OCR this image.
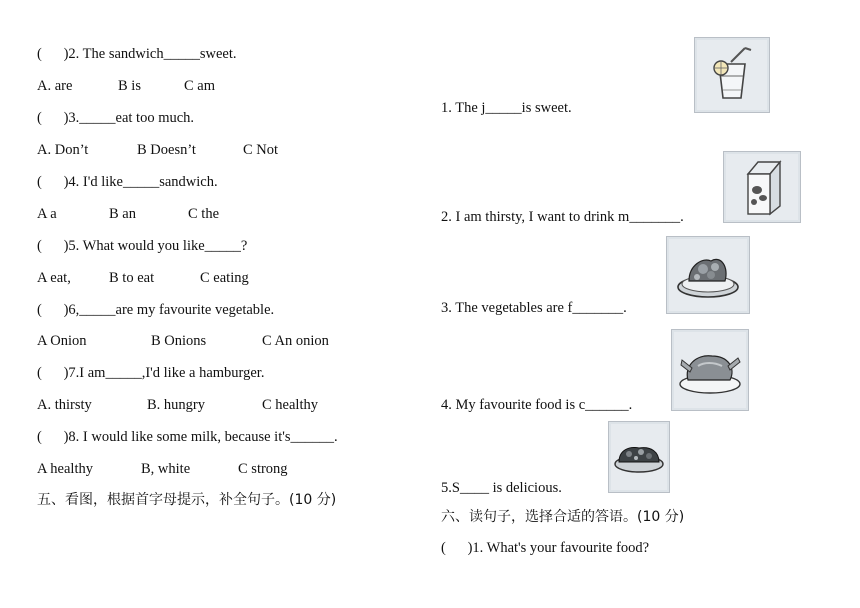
(      )2. The sandwich_____sweet.
A. are	B is	C am
(      )3._____eat too much.
A. Don’t	B Doesn’t	C Not
(      )4. I'd like_____sandwich.
A a	B an	C the
(      )5. What would you like_____?
A eat,	B to eat	C eating
(      )6,_____are my favourite vegetable.
A Onion	B Onions	C An onion
(      )7.I am_____,I'd like a hamburger.
A. thirsty	B. hungry	C healthy
(      )8. I would like some milk, because it's______.
A healthy	B, white	C strong
五、看图，根据首字母提示，补全句子。(10 分)
1. The j_____is sweet.
2. I am thirsty, I want to drink m_______.
3. The vegetables are f_______.
4. My favourite food is c______.
5.S____ is delicious.
六、读句子，选择合适的答语。(10 分)
(      )1. What's your favourite food?
